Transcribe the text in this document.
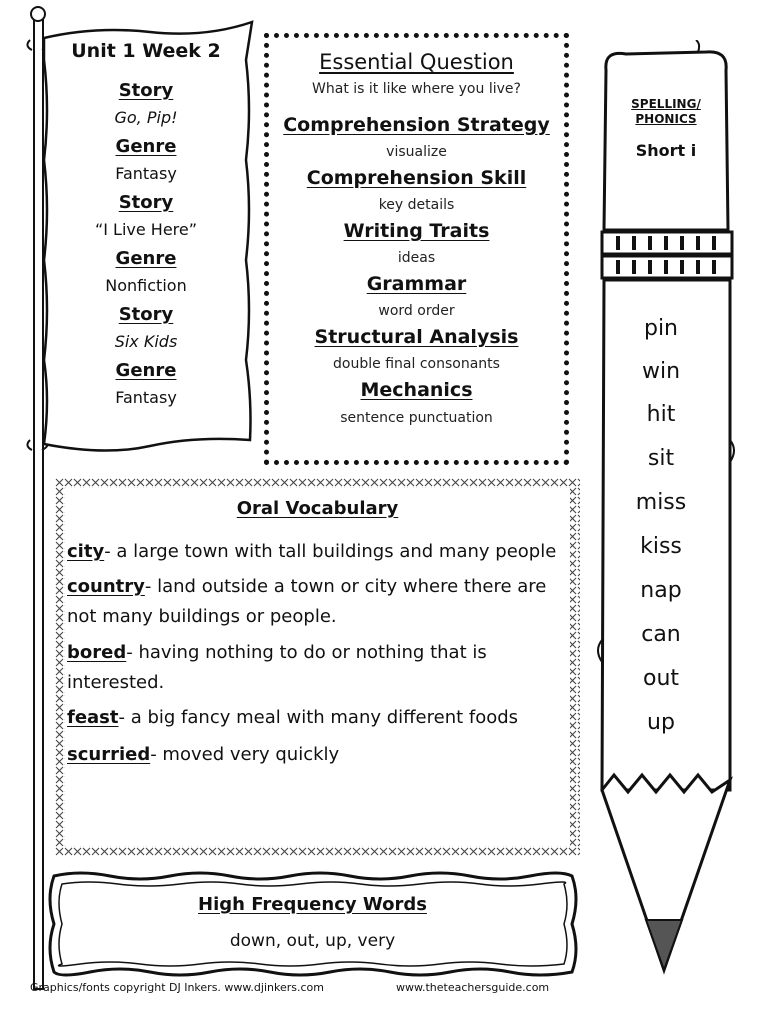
Unit 1 Week 2
Story
Go, Pip!
Genre
Fantasy
Story
“I Live Here”
Genre
Nonfiction
Story
Six Kids
Genre
Fantasy
Essential Question
What is it like where you live?
Comprehension Strategy
visualize
Comprehension Skill
key details
Writing Traits
ideas
Grammar
word order
Structural Analysis
double final consonants
Mechanics
sentence punctuation
SPELLING/
PHONICS
Short i
pin
win
hit
sit
miss
kiss
nap
can
out
up
Oral Vocabulary
city- a large town with tall buildings and many people
country- land outside a town or city where there are not many buildings or people.
bored- having nothing to do or nothing that is interested.
feast- a big fancy meal with many different foods
scurried- moved very quickly
High Frequency Words
down, out, up, very
Graphics/fonts copyright DJ Inkers. www.djinkers.com	www.theteachersguide.com
